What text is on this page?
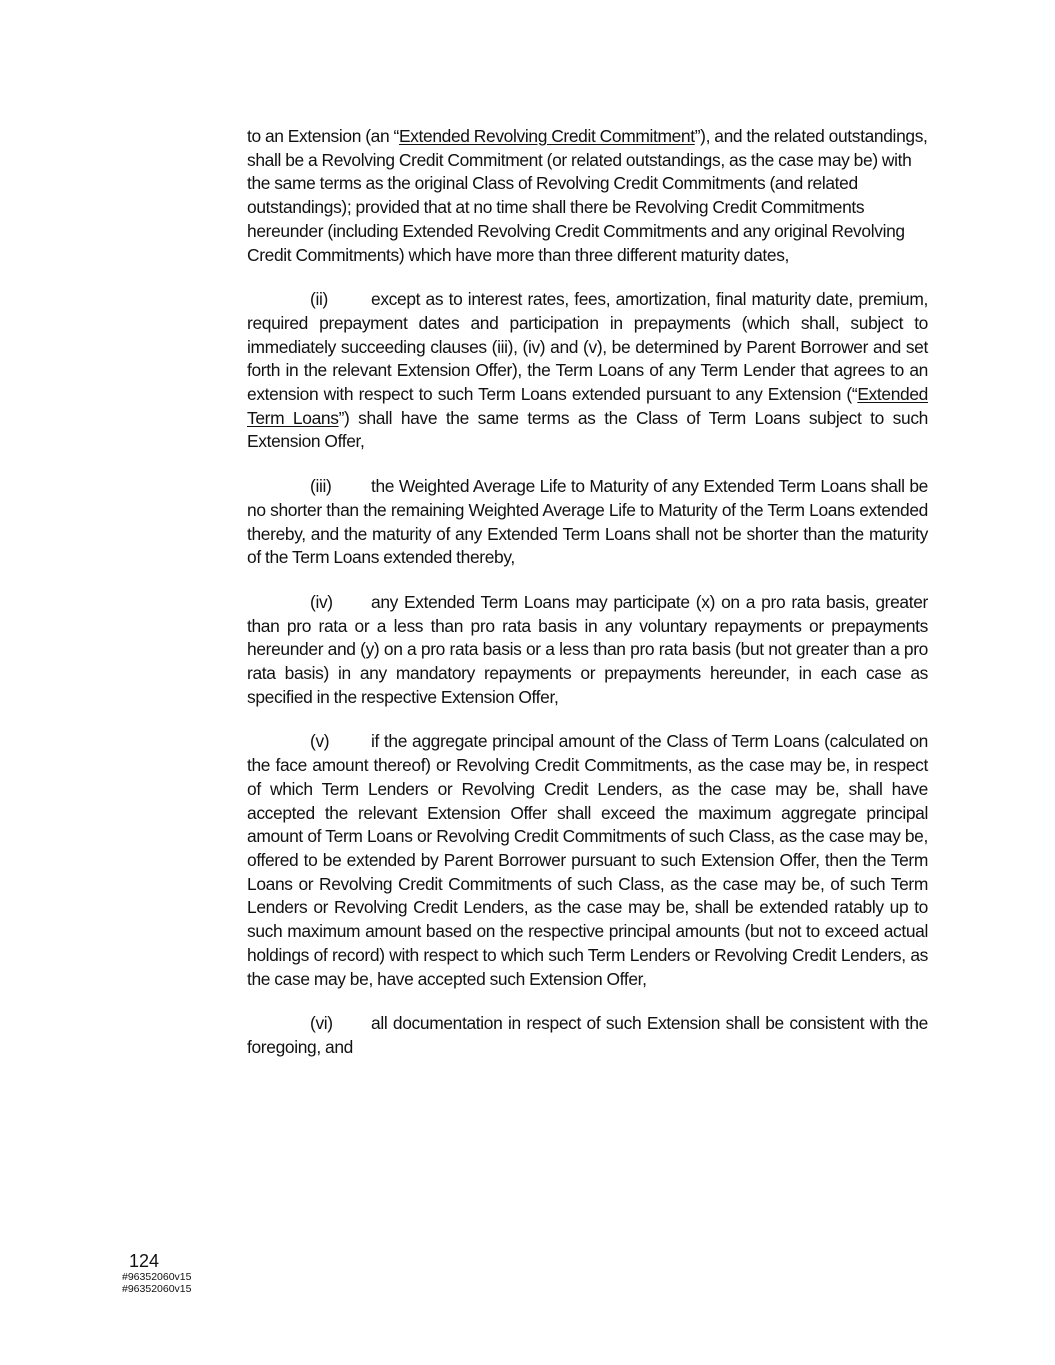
to an Extension (an “Extended Revolving Credit Commitment”), and the related outstandings, shall be a Revolving Credit Commitment (or related outstandings, as the case may be) with the same terms as the original Class of Revolving Credit Commitments (and related outstandings); provided that at no time shall there be Revolving Credit Commitments hereunder (including Extended Revolving Credit Commitments and any original Revolving Credit Commitments) which have more than three different maturity dates,

(ii) except as to interest rates, fees, amortization, final maturity date, premium, required prepayment dates and participation in prepayments (which shall, subject to immediately succeeding clauses (iii), (iv) and (v), be determined by Parent Borrower and set forth in the relevant Extension Offer), the Term Loans of any Term Lender that agrees to an extension with respect to such Term Loans extended pursuant to any Extension (“Extended Term Loans”) shall have the same terms as the Class of Term Loans subject to such Extension Offer,

(iii) the Weighted Average Life to Maturity of any Extended Term Loans shall be no shorter than the remaining Weighted Average Life to Maturity of the Term Loans extended thereby, and the maturity of any Extended Term Loans shall not be shorter than the maturity of the Term Loans extended thereby,

(iv) any Extended Term Loans may participate (x) on a pro rata basis, greater than pro rata or a less than pro rata basis in any voluntary repayments or prepayments hereunder and (y) on a pro rata basis or a less than pro rata basis (but not greater than a pro rata basis) in any mandatory repayments or prepayments hereunder, in each case as specified in the respective Extension Offer,

(v) if the aggregate principal amount of the Class of Term Loans (calculated on the face amount thereof) or Revolving Credit Commitments, as the case may be, in respect of which Term Lenders or Revolving Credit Lenders, as the case may be, shall have accepted the relevant Extension Offer shall exceed the maximum aggregate principal amount of Term Loans or Revolving Credit Commitments of such Class, as the case may be, offered to be extended by Parent Borrower pursuant to such Extension Offer, then the Term Loans or Revolving Credit Commitments of such Class, as the case may be, of such Term Lenders or Revolving Credit Lenders, as the case may be, shall be extended ratably up to such maximum amount based on the respective principal amounts (but not to exceed actual holdings of record) with respect to which such Term Lenders or Revolving Credit Lenders, as the case may be, have accepted such Extension Offer,

(vi) all documentation in respect of such Extension shall be consistent with the foregoing, and

124
#96352060v15
#96352060v15
